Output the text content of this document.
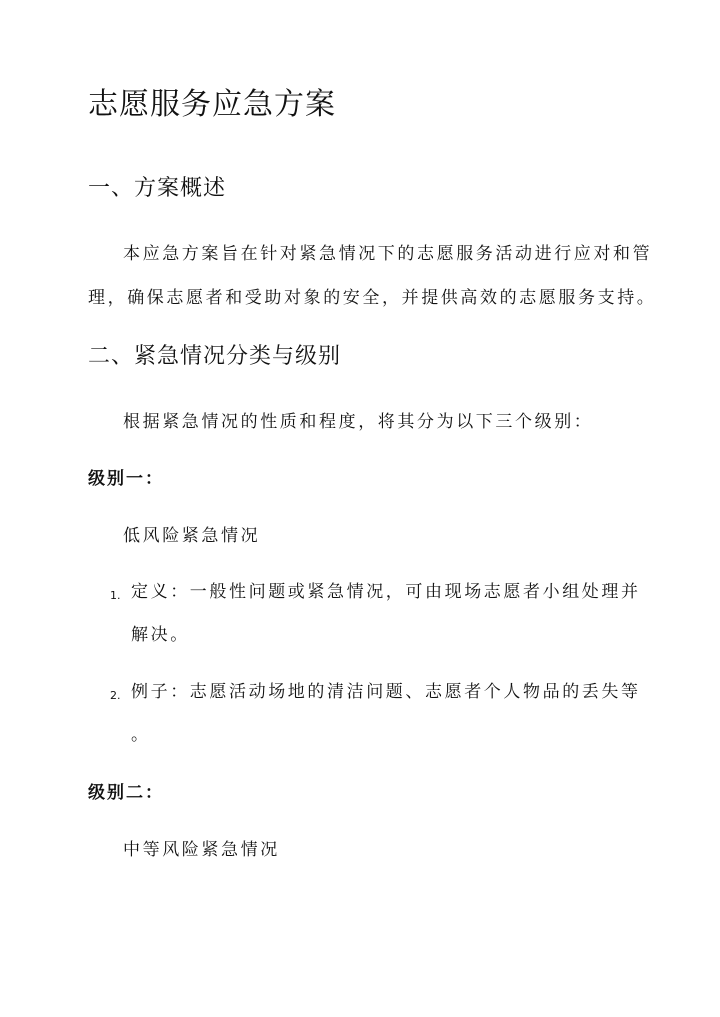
志愿服务应急方案
一、方案概述

本应急方案旨在针对紧急情况下的志愿服务活动进行应对和管

理，确保志愿者和受助对象的安全，并提供高效的志愿服务支持。

二、紧急情况分类与级别

根据紧急情况的性质和程度，将其分为以下三个级别：

级别一：
低风险紧急情况
1. 定义：一般性问题或紧急情况，可由现场志愿者小组处理并
解决。
2. 例子：志愿活动场地的清洁问题、志愿者个人物品的丢失等
。
级别二：
中等风险紧急情况
